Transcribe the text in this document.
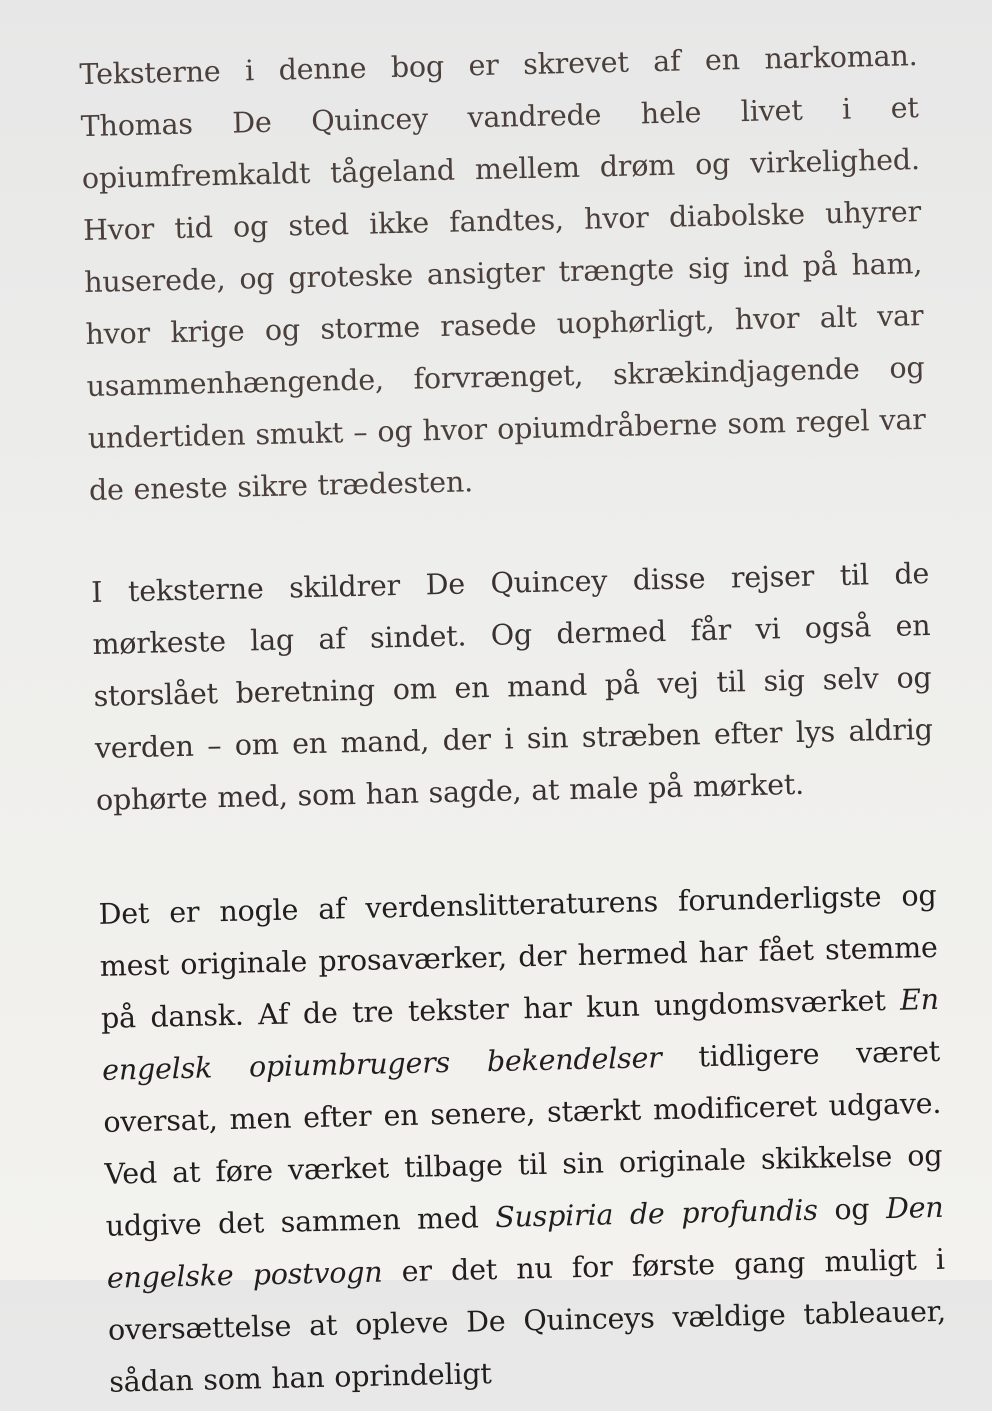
Teksterne i denne bog er skrevet af en narkoman. Thomas De Quincey vandrede hele livet i et opiumfremkaldt tågeland mellem drøm og virkelighed. Hvor tid og sted ikke fandtes, hvor diabolske uhyrer huserede, og groteske ansigter trængte sig ind på ham, hvor krige og storme rasede uophørligt, hvor alt var usammenhængende, forvrænget, skrækindjagende og undertiden smukt – og hvor opiumdråberne som regel var de eneste sikre trædesten.

I teksterne skildrer De Quincey disse rejser til de mørkeste lag af sindet. Og dermed får vi også en storslået beretning om en mand på vej til sig selv og verden – om en mand, der i sin stræben efter lys aldrig ophørte med, som han sagde, at male på mørket.

Det er nogle af verdenslitteraturens forunderligste og mest originale prosaværker, der hermed har fået stemme på dansk. Af de tre tekster har kun ungdomsværket En engelsk opiumbrugers bekendelser tidligere været oversat, men efter en senere, stærkt modificeret udgave. Ved at føre værket tilbage til sin originale skikkelse og udgive det sammen med Suspiria de profundis og Den engelske postvogn er det nu for første gang muligt i oversættelse at opleve De Quinceys vældige tableauer, sådan som han oprindeligt
